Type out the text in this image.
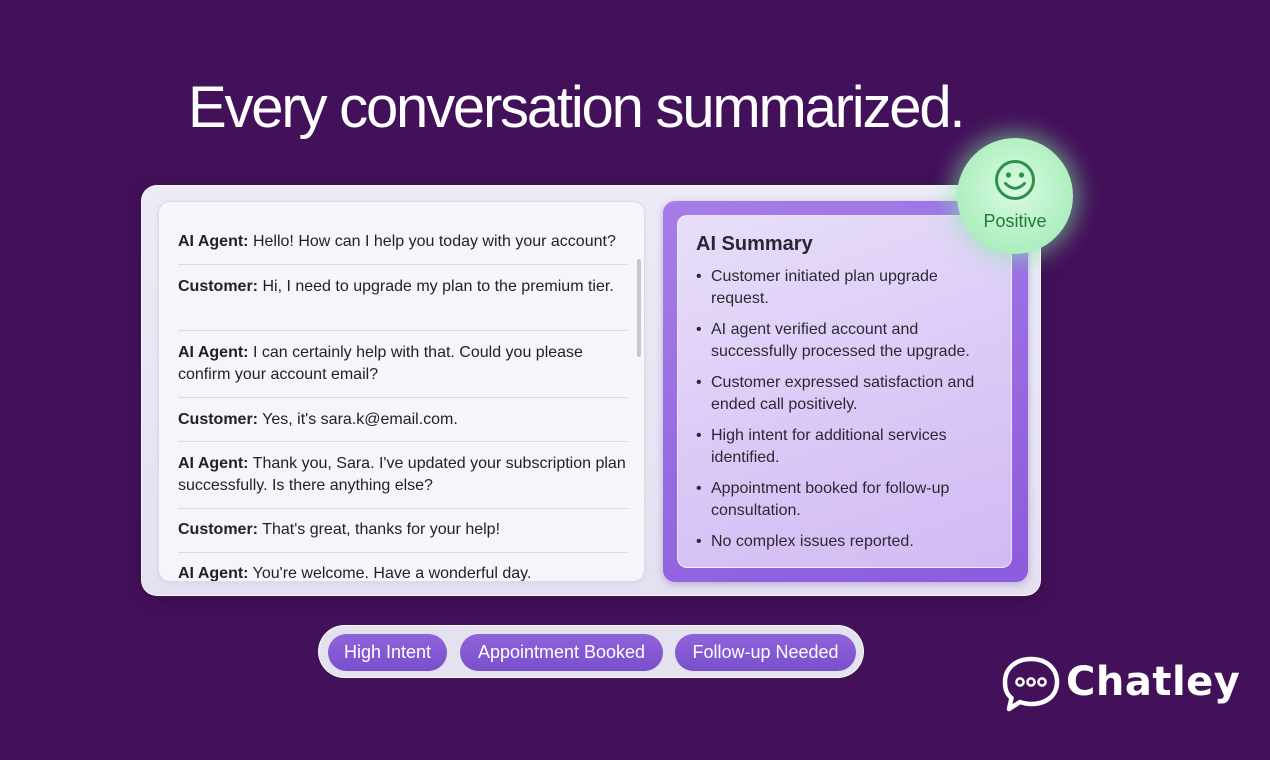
Every conversation summarized.
AI Agent: Hello! How can I help you today with your account?
Customer: Hi, I need to upgrade my plan to the premium tier.
AI Agent: I can certainly help with that. Could you please confirm your account email?
Customer: Yes, it's sara.k@email.com.
AI Agent: Thank you, Sara. I've updated your subscription plan successfully. Is there anything else?
Customer: That's great, thanks for your help!
AI Agent: You're welcome. Have a wonderful day.
AI Summary
• Customer initiated plan upgrade request.
• AI agent verified account and successfully processed the upgrade.
• Customer expressed satisfaction and ended call positively.
• High intent for additional services identified.
• Appointment booked for follow-up consultation.
• No complex issues reported.
Positive
High Intent	Appointment Booked	Follow-up Needed
Chatley
